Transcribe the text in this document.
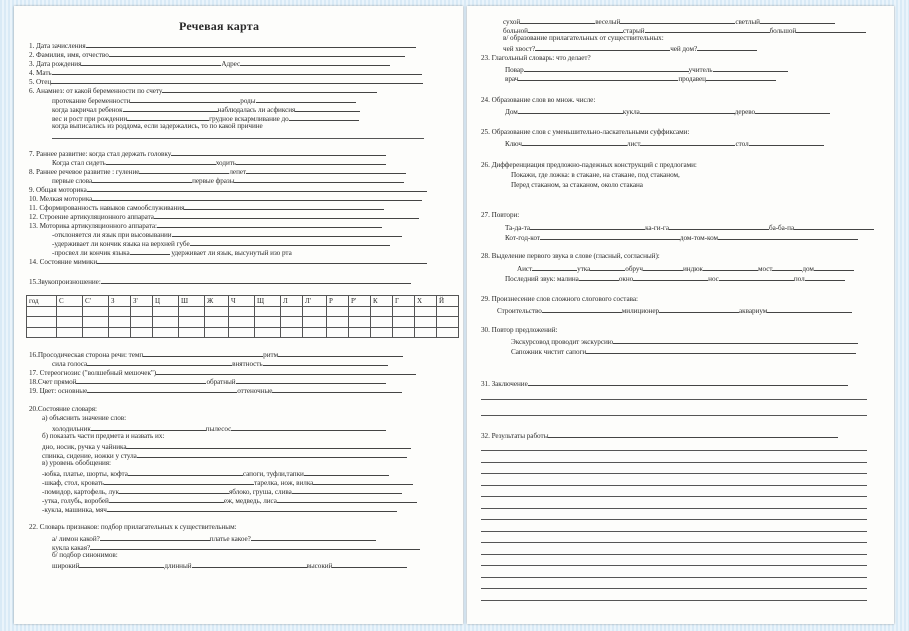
Речевая карта
1. Дата зачисления
2. Фамилия, имя, отчество
3. Дата рождения	Адрес
4. Мать
5. Отец
6. Анамнез: от какой беременности по счету
протекание беременности	роды
когда закричал ребенок	наблюдалась ли асфиксия
вес и рост при рождении	грудное вскармливание до
когда выписались из роддома, если задержались, то по какой причине
7. Раннее развитие: когда стал держать головку
Когда стал сидеть	ходить
8. Раннее речевое развитие : гуление	лепет
первые слова	первые фразы
9. Общая моторика
10. Мелкая моторика
11. Сформированность навыков самообслуживания
12. Строение артикуляционного аппарата
13. Моторика артикуляционного аппарата:
-отклоняется ли язык при высовывании
-удерживает ли кончик языка на верхней губе
-просвел ли кончик языка	удерживает ли язык, высунутый изо рта
14. Состояние мимики
15.Звукопроизношение:
год	С	С'	З	З'	Ц	Ш	Ж	Ч	Щ	Л	Л'	Р	Р'	К	Г	Х	Й

16.Просодическая сторона речи: темп	ритм
сила голоса	внятность
17. Стереогнозис ("волшебный мешочек")
18.Счет прямой	обратный
19. Цвет: основные	оттеночные
20.Состояние словаря:
а) объяснить значение слов:
холодильник	пылесос
б) показать части предмета и назвать их:
дно, носик, ручка у чайника
спинка, сидение, ножки у стула
в) уровень обобщения:
-юбка, платье, шорты, кофта	сапоги, туфли,тапки
-шкаф, стол, кровать	тарелка, нож, вилка
-помидор, картофель, лук	яблоко, груша, слива
-утка, голубь, воробей	еж, медведь, лиса
-кукла, машинка, мяч
22. Словарь признаков: подбор прилагательных к существительным:
а/ лимон какой?	платье какое?
кукла какая?
б/ подбор синонимов:
широкий	длинный	высокий
сухой	веселый	светлый
больной	старый	большой
в/ образование прилагательных от существительных:
чей хвост?	чей дом?
23. Глагольный словарь: что делает?
Повар	учитель
врач	продавец
24. Образование слов во множ. числе:
Дом	кукла	дерево
25. Образование слов с уменьшительно-ласкательными суффиксами:
Ключ	лист	стол
26. Дифференциация предложно-падежных конструкций с предлогами:
Покажи, где ложка: в стакане, на стакане, под стаканом,
Перед стаканом, за стаканом, около стакана
27. Повтори:
Та-да-та	ка-ги-га	ба-ба-па
Кот-год-кот	дом-том-ком
28. Выделение первого звука в слове (гласный, согласный):
Аист	утка	обруч	индюк	мост	дом
Последний звук: малина	окно	нос	пол
29. Произнесение слов сложного слогового состава:
Строительство	милиционер	аквариум
30. Повтор предложений:
Экскурсовод проводит экскурсию
Сапожник чистит сапоги
31. Заключение
32. Результаты работы
